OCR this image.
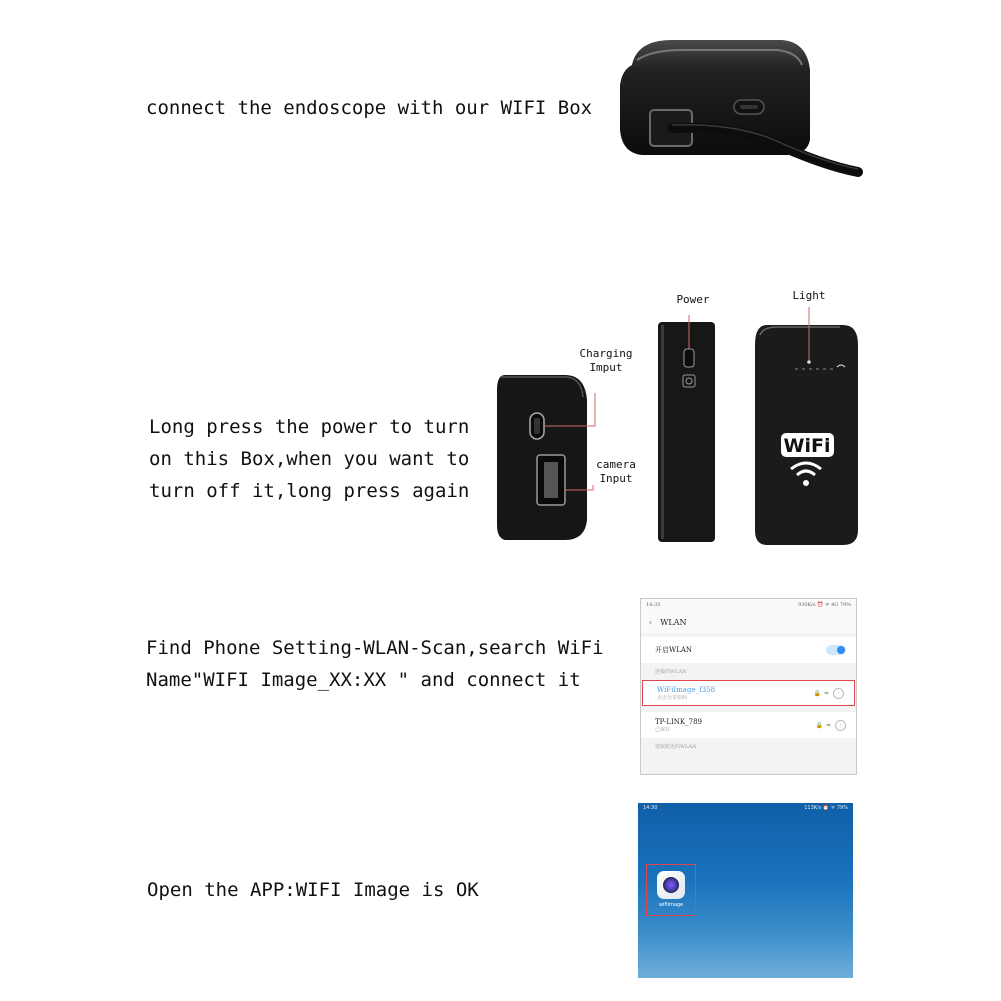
connect the endoscope with our WIFI Box
Long press the power to turn
on this Box,when you want to
turn off it,long press again
Power	Light
Charging
Imput
camera
Input
WiFi
Find Phone Setting-WLAN-Scan,search WiFi
Name"WIFI Image_XX:XX " and connect it
14:35	930K/s ⏰ ᯤ 4G 79%
‹ WLAN
开启WLAN
连接的WLAN
WiFiImage_f358
点击分享密码
🔒 ≈	›
TP-LINK_789
已保存
🔒 ≈	›
选取附近的WLAN
Open the APP:WIFI Image is OK
14:30	113K/s ⏰ ᯤ 79%
wifiImage
